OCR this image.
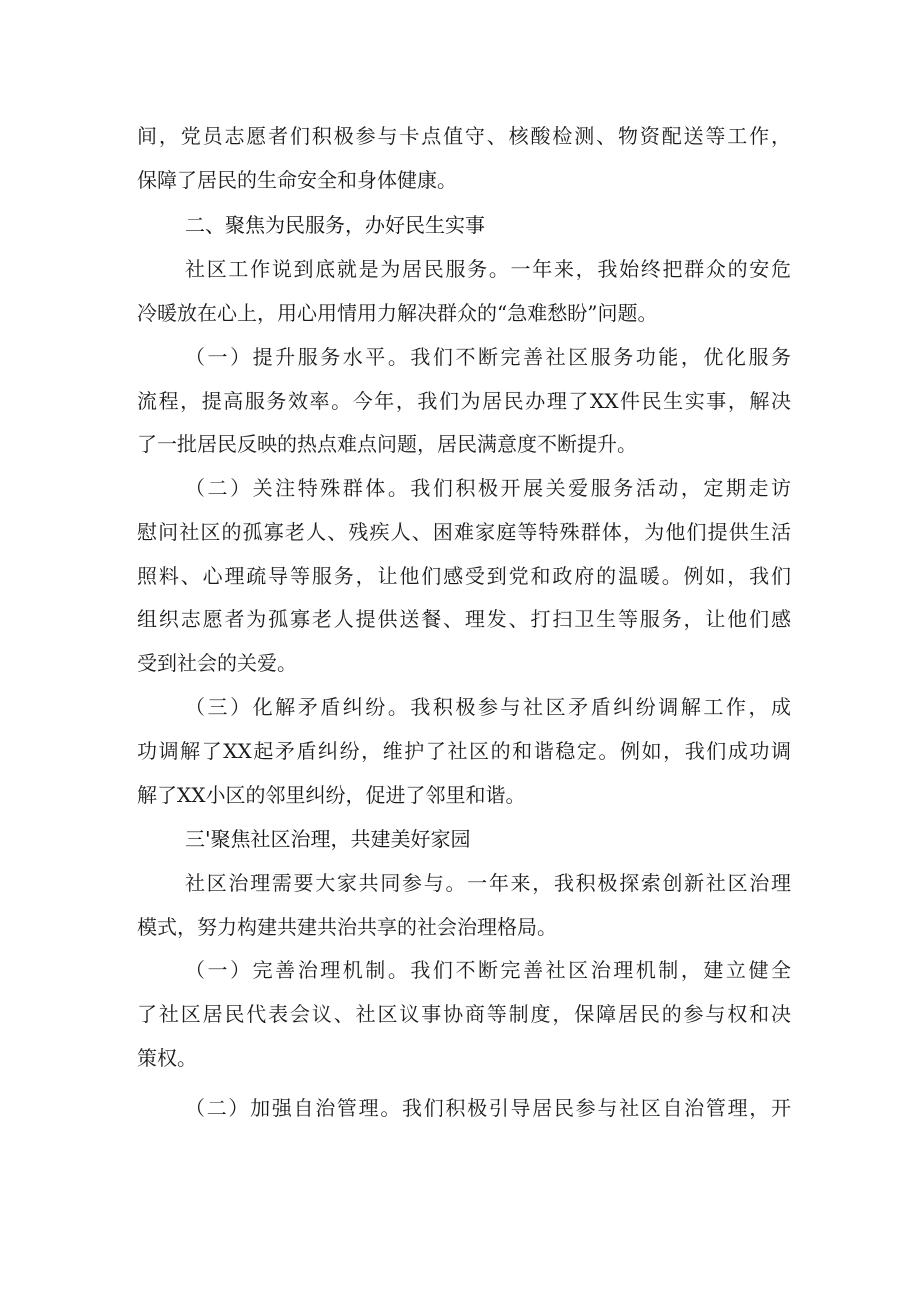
间，党员志愿者们积极参与卡点值守、核酸检测、物资配送等工作，
保障了居民的生命安全和身体健康。
二、聚焦为民服务，办好民生实事
社区工作说到底就是为居民服务。一年来，我始终把群众的安危
冷暖放在心上，用心用情用力解决群众的“急难愁盼”问题。
（一）提升服务水平。我们不断完善社区服务功能，优化服务
流程，提高服务效率。今年，我们为居民办理了XX件民生实事，解决
了一批居民反映的热点难点问题，居民满意度不断提升。
（二）关注特殊群体。我们积极开展关爱服务活动，定期走访
慰问社区的孤寡老人、残疾人、困难家庭等特殊群体，为他们提供生活
照料、心理疏导等服务，让他们感受到党和政府的温暖。例如，我们
组织志愿者为孤寡老人提供送餐、理发、打扫卫生等服务，让他们感
受到社会的关爱。
（三）化解矛盾纠纷。我积极参与社区矛盾纠纷调解工作，成
功调解了XX起矛盾纠纷，维护了社区的和谐稳定。例如，我们成功调
解了XX小区的邻里纠纷，促进了邻里和谐。
三'聚焦社区治理，共建美好家园
社区治理需要大家共同参与。一年来，我积极探索创新社区治理
模式，努力构建共建共治共享的社会治理格局。
（一）完善治理机制。我们不断完善社区治理机制，建立健全
了社区居民代表会议、社区议事协商等制度，保障居民的参与权和决
策权。
（二）加强自治管理。我们积极引导居民参与社区自治管理，开
